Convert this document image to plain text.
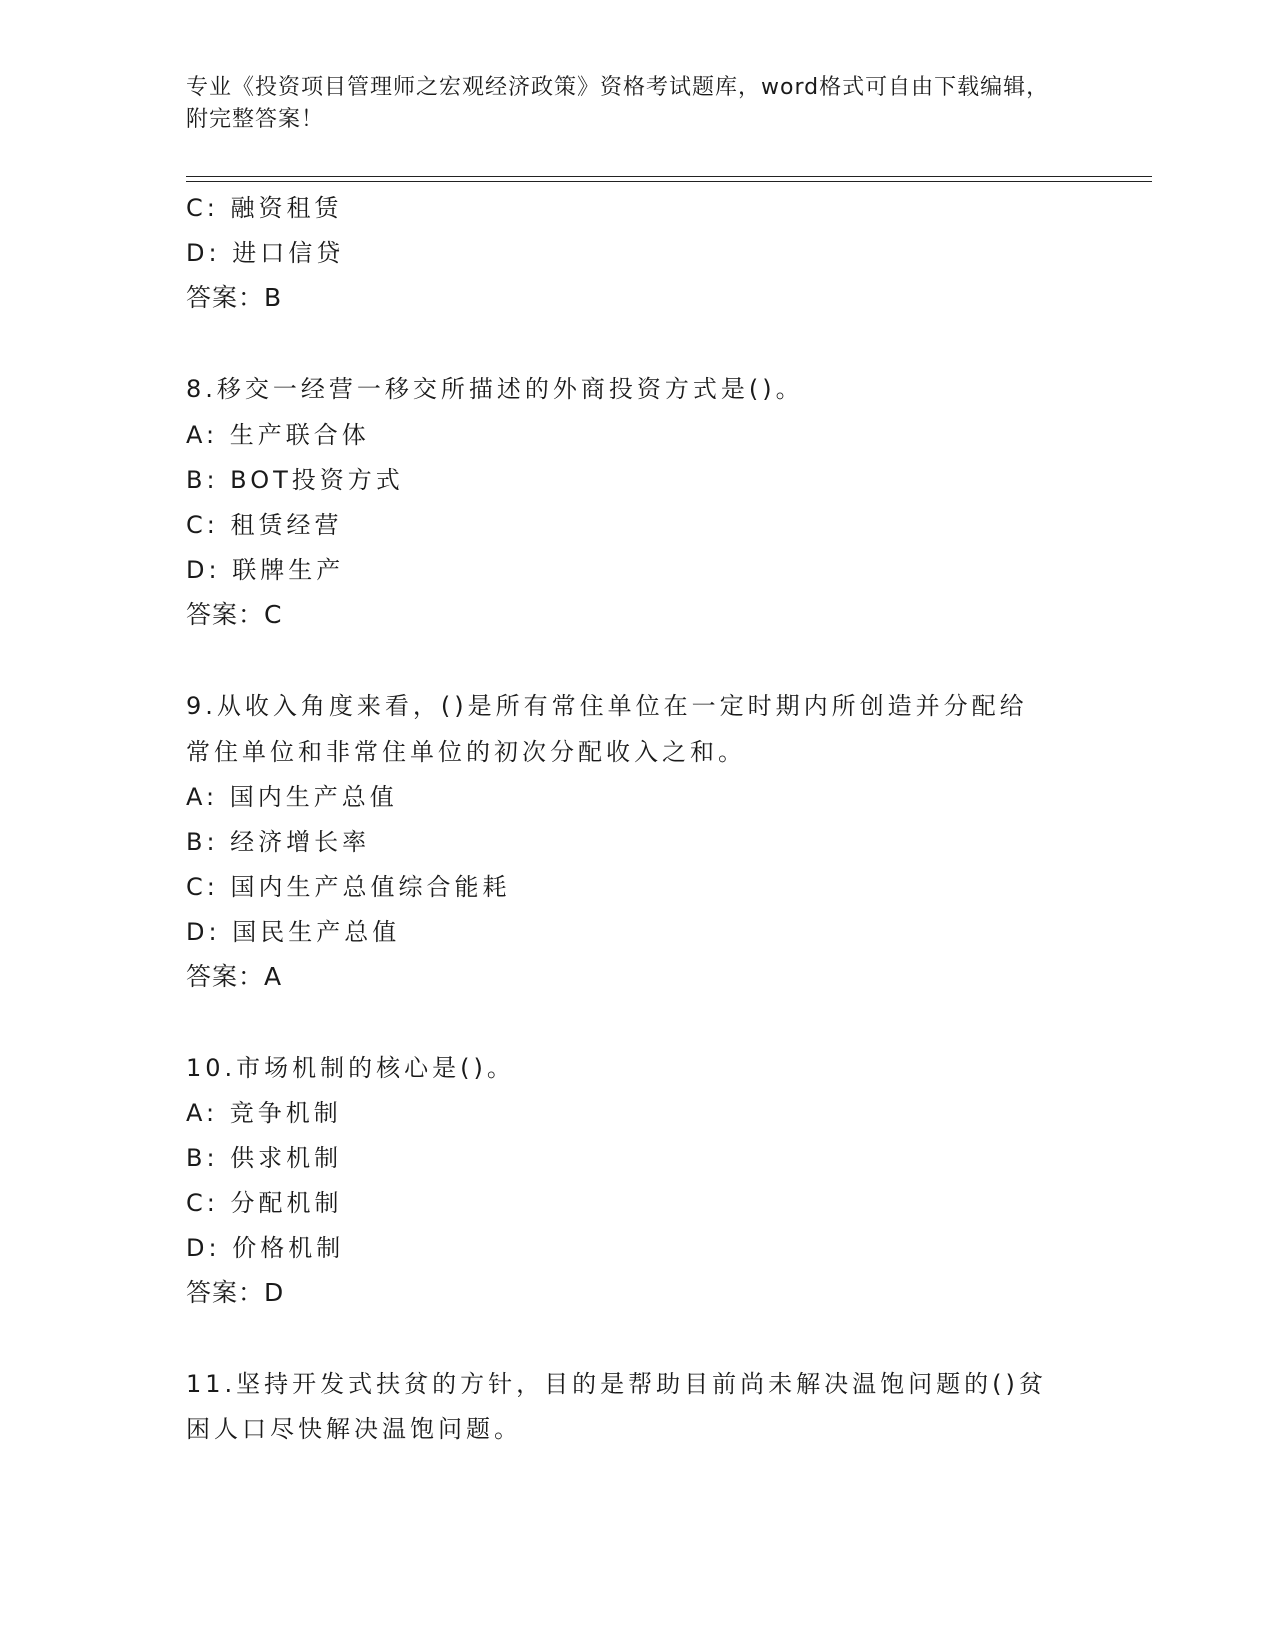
专业《投资项目管理师之宏观经济政策》资格考试题库，word格式可自由下载编辑，附完整答案！
C: 融资租赁
D: 进口信贷
答案：B
8.移交一经营一移交所描述的外商投资方式是()。
A: 生产联合体
B: BOT投资方式
C: 租赁经营
D: 联牌生产
答案：C
9.从收入角度来看，()是所有常住单位在一定时期内所创造并分配给
常住单位和非常住单位的初次分配收入之和。
A: 国内生产总值
B: 经济增长率
C: 国内生产总值综合能耗
D: 国民生产总值
答案：A
10.市场机制的核心是()。
A: 竞争机制
B: 供求机制
C: 分配机制
D: 价格机制
答案：D
11.坚持开发式扶贫的方针，目的是帮助目前尚未解决温饱问题的()贫
困人口尽快解决温饱问题。
